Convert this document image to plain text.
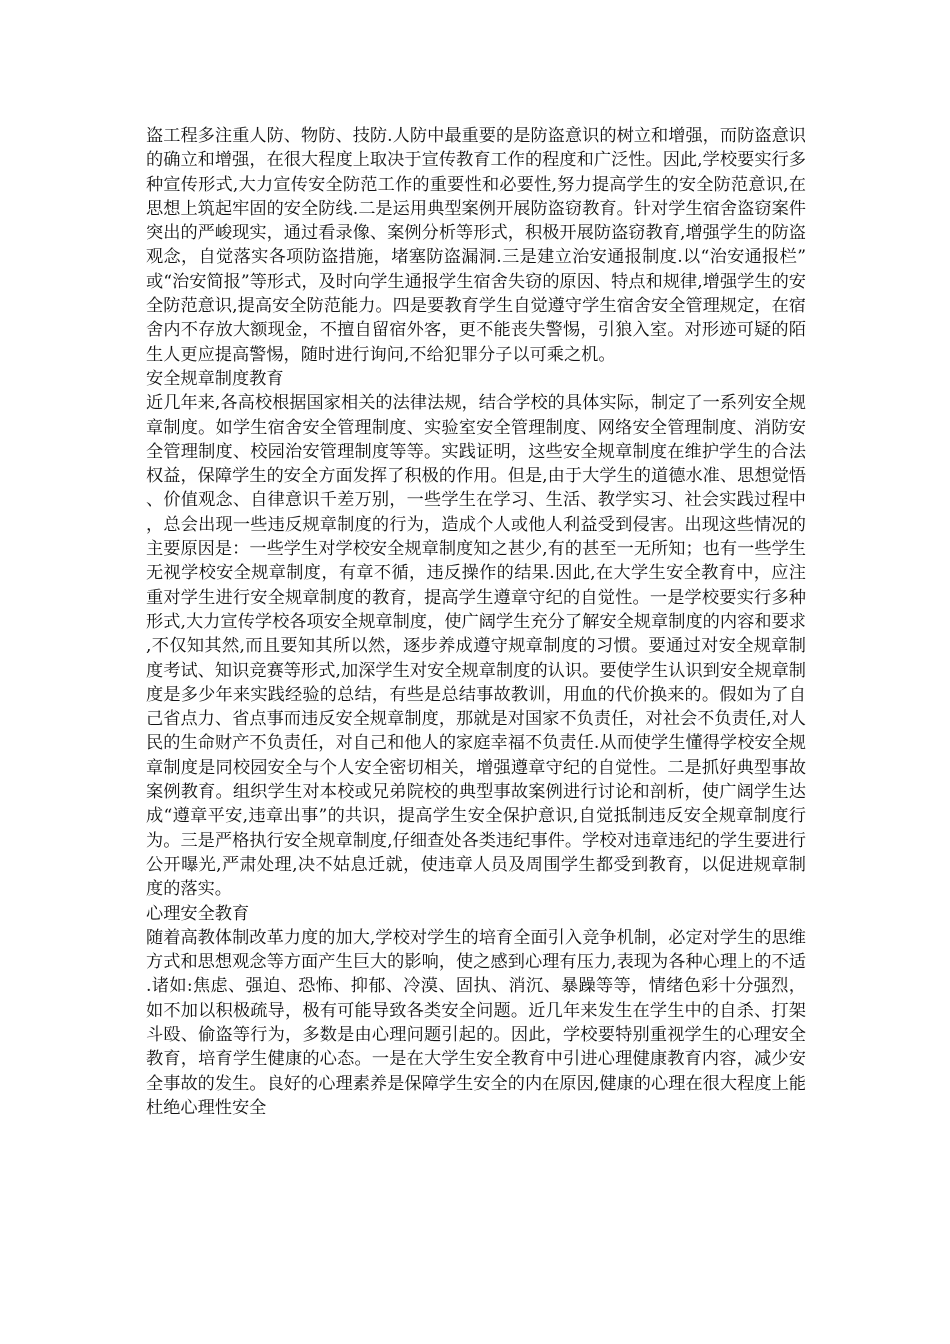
盗工程多注重人防、物防、技防.人防中最重要的是防盗意识的树立和增强，而防盗意识的确立和增强，在很大程度上取决于宣传教育工作的程度和广泛性。因此,学校要实行多种宣传形式,大力宣传安全防范工作的重要性和必要性,努力提高学生的安全防范意识,在思想上筑起牢固的安全防线.二是运用典型案例开展防盗窃教育。针对学生宿舍盗窃案件突出的严峻现实，通过看录像、案例分析等形式，积极开展防盗窃教育,增强学生的防盗观念，自觉落实各项防盗措施，堵塞防盗漏洞.三是建立治安通报制度.以“治安通报栏”或“治安简报”等形式，及时向学生通报学生宿舍失窃的原因、特点和规律,增强学生的安全防范意识,提高安全防范能力。四是要教育学生自觉遵守学生宿舍安全管理规定，在宿舍内不存放大额现金，不擅自留宿外客，更不能丧失警惕，引狼入室。对形迹可疑的陌生人更应提高警惕，随时进行询问,不给犯罪分子以可乘之机。

安全规章制度教育

近几年来,各高校根据国家相关的法律法规，结合学校的具体实际，制定了一系列安全规章制度。如学生宿舍安全管理制度、实验室安全管理制度、网络安全管理制度、消防安全管理制度、校园治安管理制度等等。实践证明，这些安全规章制度在维护学生的合法权益，保障学生的安全方面发挥了积极的作用。但是,由于大学生的道德水准、思想觉悟、价值观念、自律意识千差万别，一些学生在学习、生活、教学实习、社会实践过程中，总会出现一些违反规章制度的行为，造成个人或他人利益受到侵害。出现这些情况的主要原因是：一些学生对学校安全规章制度知之甚少,有的甚至一无所知；也有一些学生无视学校安全规章制度，有章不循，违反操作的结果.因此,在大学生安全教育中，应注重对学生进行安全规章制度的教育，提高学生遵章守纪的自觉性。一是学校要实行多种形式,大力宣传学校各项安全规章制度，使广阔学生充分了解安全规章制度的内容和要求,不仅知其然,而且要知其所以然，逐步养成遵守规章制度的习惯。要通过对安全规章制度考试、知识竞赛等形式,加深学生对安全规章制度的认识。要使学生认识到安全规章制度是多少年来实践经验的总结，有些是总结事故教训，用血的代价换来的。假如为了自己省点力、省点事而违反安全规章制度，那就是对国家不负责任，对社会不负责任,对人民的生命财产不负责任，对自己和他人的家庭幸福不负责任.从而使学生懂得学校安全规章制度是同校园安全与个人安全密切相关，增强遵章守纪的自觉性。二是抓好典型事故案例教育。组织学生对本校或兄弟院校的典型事故案例进行讨论和剖析，使广阔学生达成“遵章平安,违章出事”的共识，提高学生安全保护意识,自觉抵制违反安全规章制度行为。三是严格执行安全规章制度,仔细查处各类违纪事件。学校对违章违纪的学生要进行公开曝光,严肃处理,决不姑息迁就，使违章人员及周围学生都受到教育，以促进规章制度的落实。

心理安全教育

随着高教体制改革力度的加大,学校对学生的培育全面引入竞争机制，必定对学生的思维方式和思想观念等方面产生巨大的影响，使之感到心理有压力,表现为各种心理上的不适.诸如:焦虑、强迫、恐怖、抑郁、冷漠、固执、消沉、暴躁等等，情绪色彩十分强烈，如不加以积极疏导，极有可能导致各类安全问题。近几年来发生在学生中的自杀、打架斗殴、偷盗等行为，多数是由心理问题引起的。因此，学校要特别重视学生的心理安全教育，培育学生健康的心态。一是在大学生安全教育中引进心理健康教育内容，减少安全事故的发生。良好的心理素养是保障学生安全的内在原因,健康的心理在很大程度上能杜绝心理性安全
